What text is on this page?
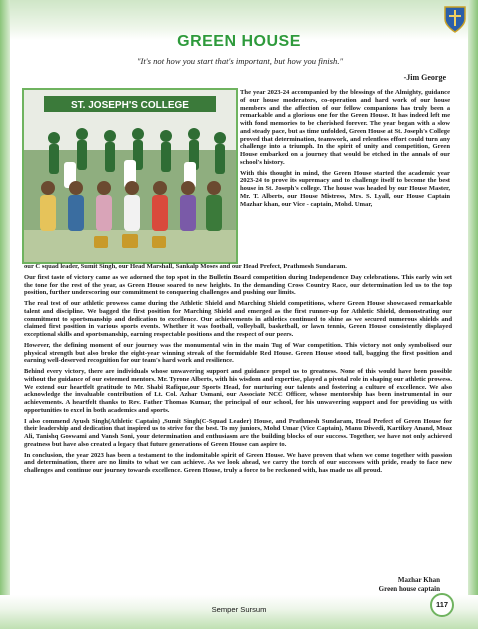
GREEN HOUSE
"It's not how you start that's important, but how you finish."
-Jim George
ST. JOSEPH'S COLLEGE

The year 2023-24 accompanied by the blessings of the Almighty, guidance of our house moderators, co-operation and hard work of our house members and the affection of our fellow companions has truly been a remarkable and a glorious one for the Green House. It has indeed left me with fond memories to be cherished forever. The year began with a slow and steady pace, but as time unfolded, Green House at St. Joseph's College proved that determination, teamwork, and relentless effort could turn any challenge into a triumph. In the spirit of unity and competition, Green House embarked on a journey that would be etched in the annals of our school's history.

With this thought in mind, the Green House started the academic year 2023-24 to prove its supremacy and to challenge itself to become the best house in St. Joseph's college. The house was headed by our House Master, Mr. T. Alberts, our House Mistress, Mrs. S. Lyall, our House Captain Mazhar khan, our Vice - captain, Mohd. Umar,

our C squad leader, Sumit Singh, our Head Marshall, Sankalp Moses and our Head Prefect, Prathmesh Sundaram.

Our first taste of victory came as we adorned the top spot in the Bulletin Board competition during Independence Day celebrations. This early win set the tone for the rest of the year, as Green House soared to new heights. In the demanding Cross Country Race, our determination led us to the top position, further underscoring our commitment to conquering challenges and pushing our limits.

The real test of our athletic prowess came during the Athletic Shield and Marching Shield competitions, where Green House showcased remarkable talent and discipline. We bagged the first position for Marching Shield and emerged as the first runner-up for Athletic Shield, demonstrating our commitment to sportsmanship and dedication to excellence. Our achievements in athletics continued to shine as we secured numerous shields and claimed first position in various sports events. Whether it was football, volleyball, basketball, or lawn tennis, Green House consistently displayed exceptional skills and sportsmanship, earning respectable positions and the respect of our peers.

However, the defining moment of our journey was the monumental win in the main Tug of War competition. This victory not only symbolised our physical strength but also broke the eight-year winning streak of the formidable Red House. Green House stood tall, bagging the first position and earning well-deserved recognition for our team's hard work and resilience.

Behind every victory, there are individuals whose unwavering support and guidance propel us to greatness. None of this would have been possible without the guidance of our esteemed mentors. Mr. Tyrone Alberts, with his wisdom and expertise, played a pivotal role in shaping our athletic prowess. We extend our heartfelt gratitude to Mr. Shabi Rafique,our Sports Head, for nurturing our talents and fostering a culture of excellence. We also acknowledge the invaluable contribution of Lt. Col. Azhar Usmani, our Associate NCC Officer, whose mentorship has been instrumental in our achievements. A heartfelt thanks to Rev. Father Thomas Kumar, the principal of our school, for his unwavering support and for providing us with opportunities to excel in both academics and sports.

I also commend Ayush Singh(Athletic Captain) ,Sumit Singh(C-Squad Leader) House, and Prathmesh Sundaram, Head Prefect of Green House for their leadership and dedication that inspired us to strive for the best. To my juniors, Mohd Umar (Vice Captain), Manu Diwedi, Kartikey Anand, Moaz Ali, Tanishq Goswami and Vansh Soni, your determination and enthusiasm are the building blocks of our success. Together, we have not only achieved greatness but have also created a legacy that future generations of Green House can aspire to.

In conclusion, the year 2023 has been a testament to the indomitable spirit of Green House. We have proven that when we come together with passion and determination, there are no limits to what we can achieve. As we look ahead, we carry the torch of our successes with pride, ready to face new challenges and continue our journey towards excellence. Green House, truly a force to be reckoned with, has made us all proud.

Mazhar Khan
Green house captain
117
Semper Sursum
